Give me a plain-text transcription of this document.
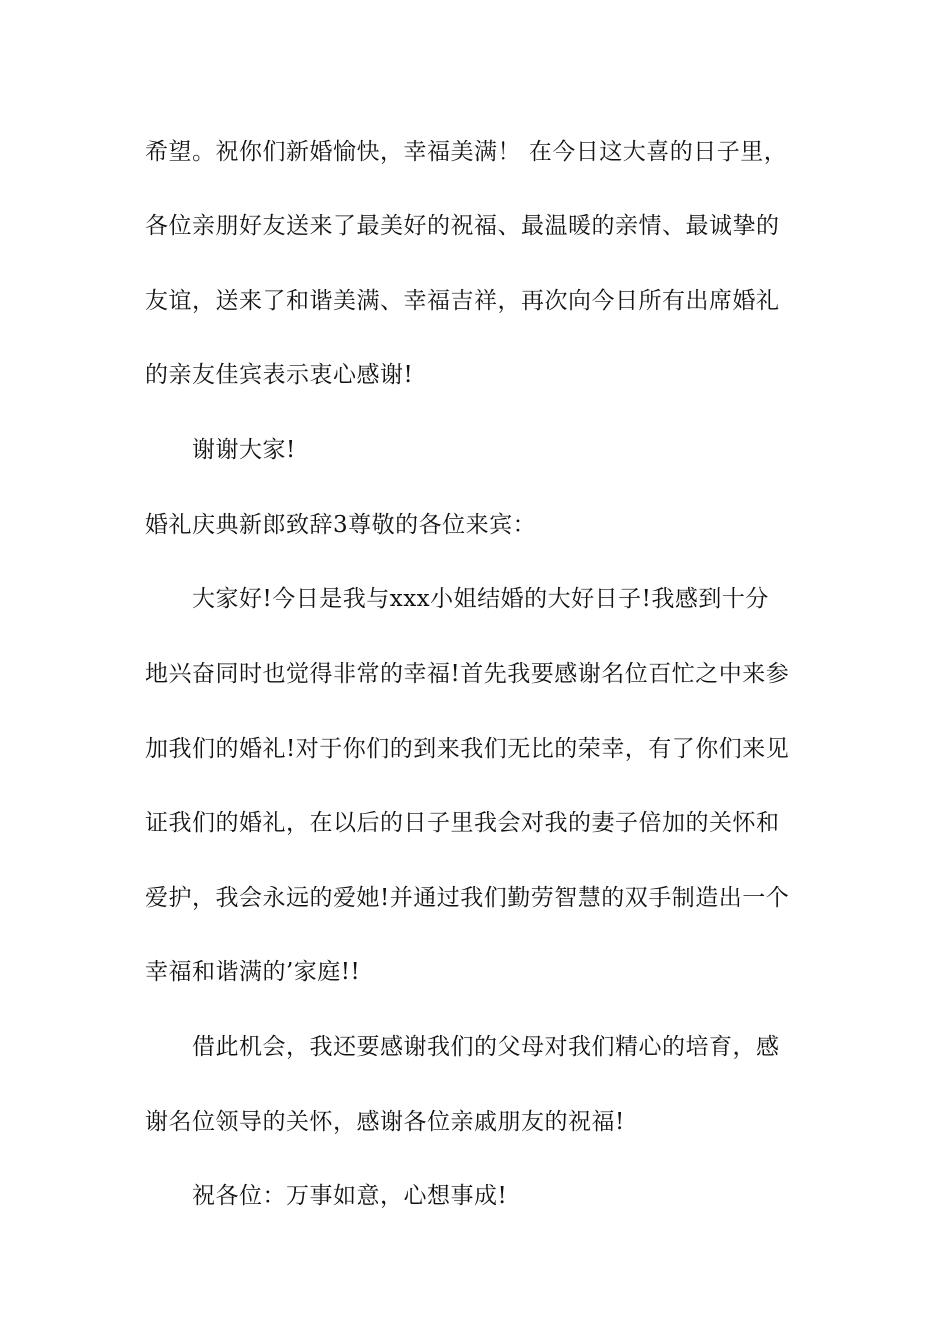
希望。祝你们新婚愉快，幸福美满！ 在今日这大喜的日子里，
各位亲朋好友送来了最美好的祝福、最温暖的亲情、最诚挚的
友谊，送来了和谐美满、幸福吉祥，再次向今日所有出席婚礼
的亲友佳宾表示衷心感谢!
谢谢大家!
婚礼庆典新郎致辞3尊敬的各位来宾：
大家好!今日是我与xxx小姐结婚的大好日子!我感到十分
地兴奋同时也觉得非常的幸福!首先我要感谢名位百忙之中来参
加我们的婚礼!对于你们的到来我们无比的荣幸，有了你们来见
证我们的婚礼，在以后的日子里我会对我的妻子倍加的关怀和
爱护，我会永远的爱她!并通过我们勤劳智慧的双手制造出一个
幸福和谐满的’家庭!!
借此机会，我还要感谢我们的父母对我们精心的培育，感
谢名位领导的关怀，感谢各位亲戚朋友的祝福!
祝各位：万事如意，心想事成!
